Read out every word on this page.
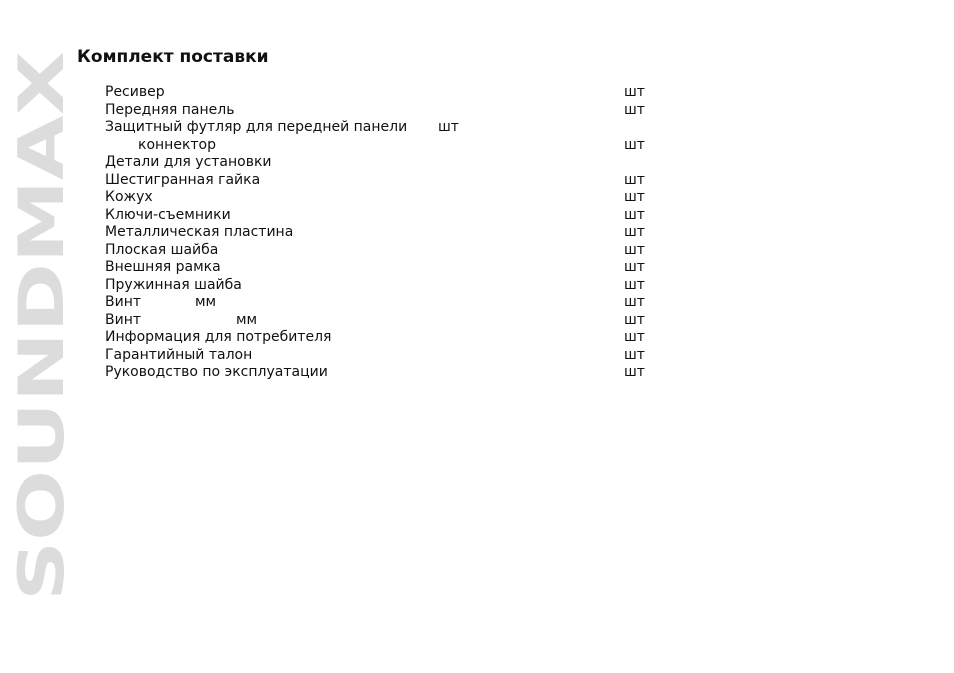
SOUNDMAX
Комплект поставки
Ресивер	шт
Передняя панель	шт
Защитный футляр для передней панели шт
коннектор	шт
Детали для установки
Шестигранная гайка	шт
Кожух	шт
Ключи-съемники	шт
Металлическая пластина	шт
Плоская шайба	шт
Внешняя рамка	шт
Пружинная шайба	шт
Винт	мм	шт
Винт	мм	шт
Информация для потребителя	шт
Гарантийный талон	шт
Руководство по эксплуатации	шт
